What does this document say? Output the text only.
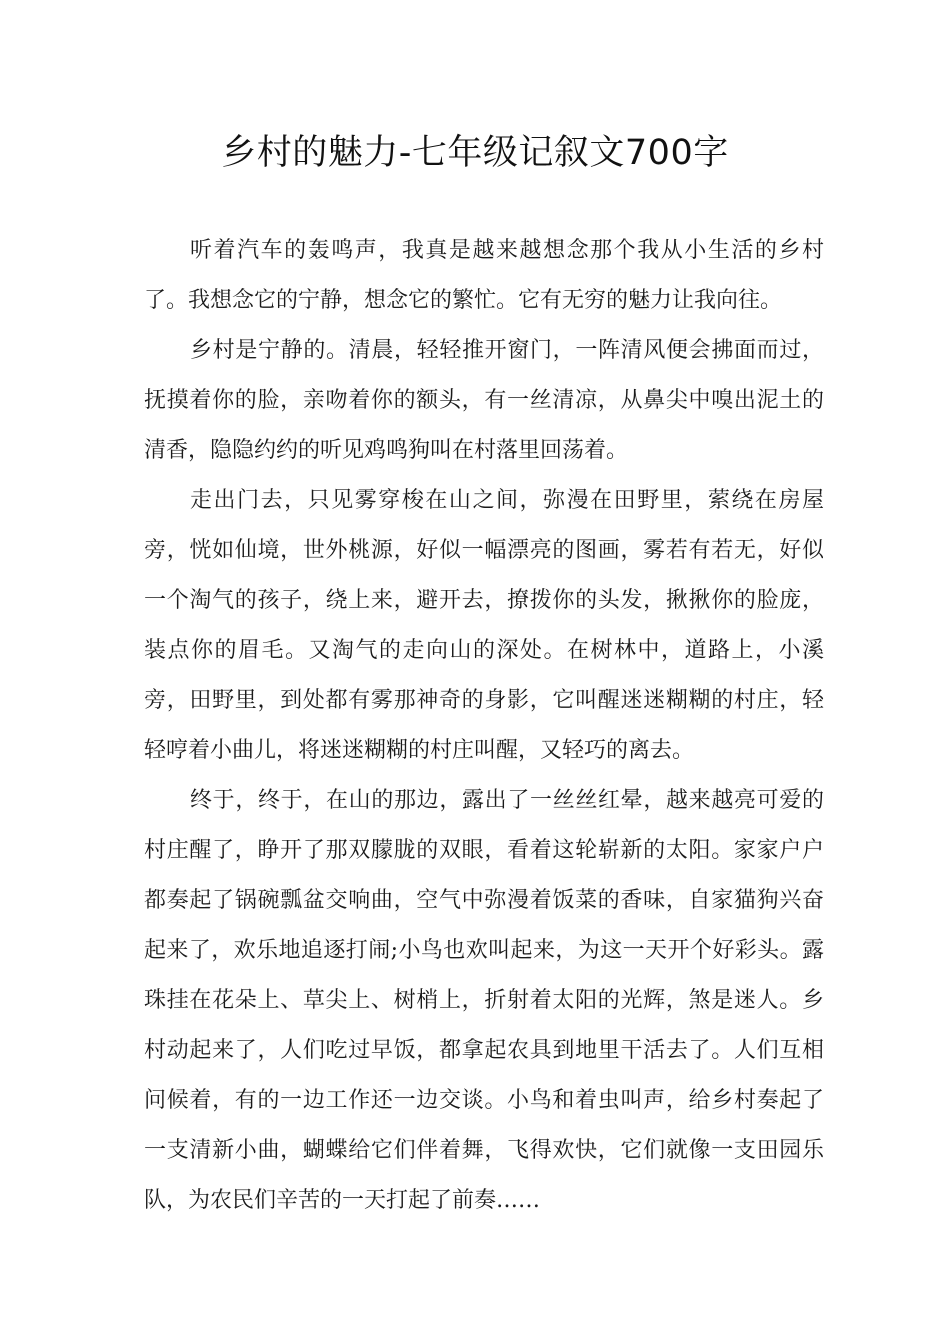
乡村的魅力-七年级记叙文700字

听着汽车的轰鸣声，我真是越来越想念那个我从小生活的乡村了。我想念它的宁静，想念它的繁忙。它有无穷的魅力让我向往。

乡村是宁静的。清晨，轻轻推开窗门，一阵清风便会拂面而过，抚摸着你的脸，亲吻着你的额头，有一丝清凉，从鼻尖中嗅出泥土的清香，隐隐约约的听见鸡鸣狗叫在村落里回荡着。

走出门去，只见雾穿梭在山之间，弥漫在田野里，萦绕在房屋旁，恍如仙境，世外桃源，好似一幅漂亮的图画，雾若有若无，好似一个淘气的孩子，绕上来，避开去，撩拨你的头发，揪揪你的脸庞，装点你的眉毛。又淘气的走向山的深处。在树林中，道路上，小溪旁，田野里，到处都有雾那神奇的身影，它叫醒迷迷糊糊的村庄，轻轻哼着小曲儿，将迷迷糊糊的村庄叫醒，又轻巧的离去。

终于，终于，在山的那边，露出了一丝丝红晕，越来越亮可爱的村庄醒了，睁开了那双朦胧的双眼，看着这轮崭新的太阳。家家户户都奏起了锅碗瓢盆交响曲，空气中弥漫着饭菜的香味，自家猫狗兴奋起来了，欢乐地追逐打闹;小鸟也欢叫起来，为这一天开个好彩头。露珠挂在花朵上、草尖上、树梢上，折射着太阳的光辉，煞是迷人。乡村动起来了，人们吃过早饭，都拿起农具到地里干活去了。人们互相问候着，有的一边工作还一边交谈。小鸟和着虫叫声，给乡村奏起了一支清新小曲，蝴蝶给它们伴着舞，飞得欢快，它们就像一支田园乐队，为农民们辛苦的一天打起了前奏……
